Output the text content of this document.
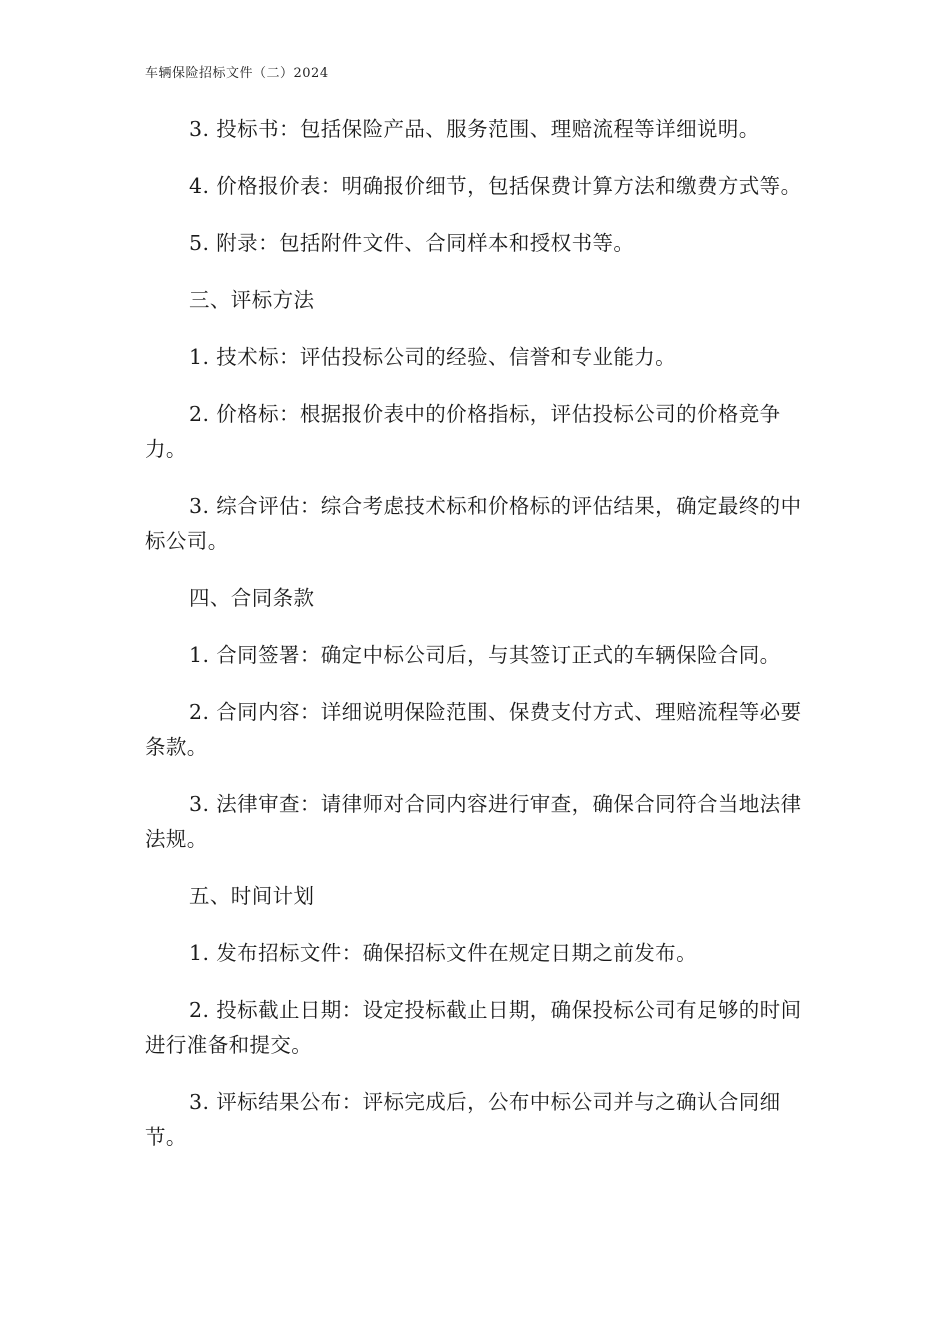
车辆保险招标文件（二）2024

3. 投标书：包括保险产品、服务范围、理赔流程等详细说明。

4. 价格报价表：明确报价细节，包括保费计算方法和缴费方式等。

5. 附录：包括附件文件、合同样本和授权书等。

三、评标方法

1. 技术标：评估投标公司的经验、信誉和专业能力。

2. 价格标：根据报价表中的价格指标，评估投标公司的价格竞争力。

3. 综合评估：综合考虑技术标和价格标的评估结果，确定最终的中标公司。

四、合同条款

1. 合同签署：确定中标公司后，与其签订正式的车辆保险合同。

2. 合同内容：详细说明保险范围、保费支付方式、理赔流程等必要条款。

3. 法律审查：请律师对合同内容进行审查，确保合同符合当地法律法规。

五、时间计划

1. 发布招标文件：确保招标文件在规定日期之前发布。

2. 投标截止日期：设定投标截止日期，确保投标公司有足够的时间进行准备和提交。

3. 评标结果公布：评标完成后，公布中标公司并与之确认合同细节。
